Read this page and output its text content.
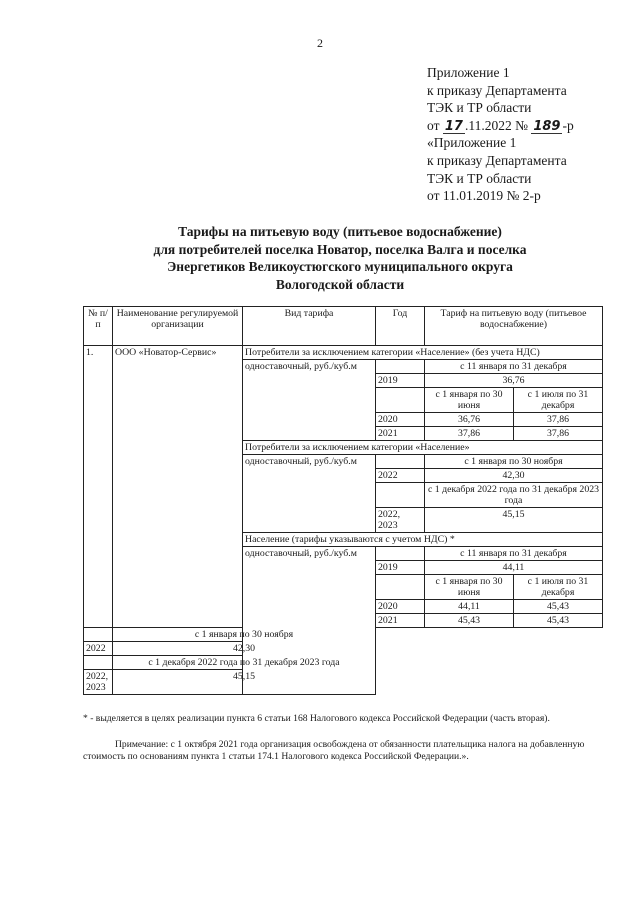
2
Приложение 1
к приказу Департамента
ТЭК и ТР области
от 17 .11.2022 № 189 -р
«Приложение 1
к приказу Департамента
ТЭК и ТР области
от 11.01.2019 № 2-р
Тарифы на питьевую воду (питьевое водоснабжение)
для потребителей поселка Новатор, поселка Валга и поселка
Энергетиков Великоустюгского муниципального округа
Вологодской области
№ п/п	Наименование регулируемой организации	Вид тарифа	Год	Тариф на питьевую воду (питьевое водоснабжение)	
1.	ООО «Новатор-Сервис»	Потребители за исключением категории «Население» (без учета НДС)			
		одноставочный, руб./куб.м		с 11 января по 31 декабря	
			2019	36,76	
				с 1 января по 30 июня	с 1 июля по 31 декабря
			2020	36,76	37,86
			2021	37,86	37,86
		Потребители за исключением категории «Население»			
		одноставочный, руб./куб.м		с 1 января по 30 ноября	
			2022	42,30	
				с 1 декабря 2022 года по 31 декабря 2023 года	
			2022, 2023	45,15	
		Население (тарифы указываются с учетом НДС) *			
		одноставочный, руб./куб.м		с 11 января по 31 декабря	
			2019	44,11	
				с 1 января по 30 июня	с 1 июля по 31 декабря
			2020	44,11	45,43
			2021	45,43	45,43
	с 1 января по 30 ноября				
2022	42,30				
	с 1 декабря 2022 года по 31 декабря 2023 года				
2022, 2023	45,15				
* - выделяется в целях реализации пункта 6 статьи 168 Налогового кодекса Российской Федерации (часть вторая).
Примечание: с 1 октября 2021 года организация освобождена от обязанности плательщика налога на добавленную стоимость по основаниям пункта 1 статьи 174.1 Налогового кодекса Российской Федерации.».
